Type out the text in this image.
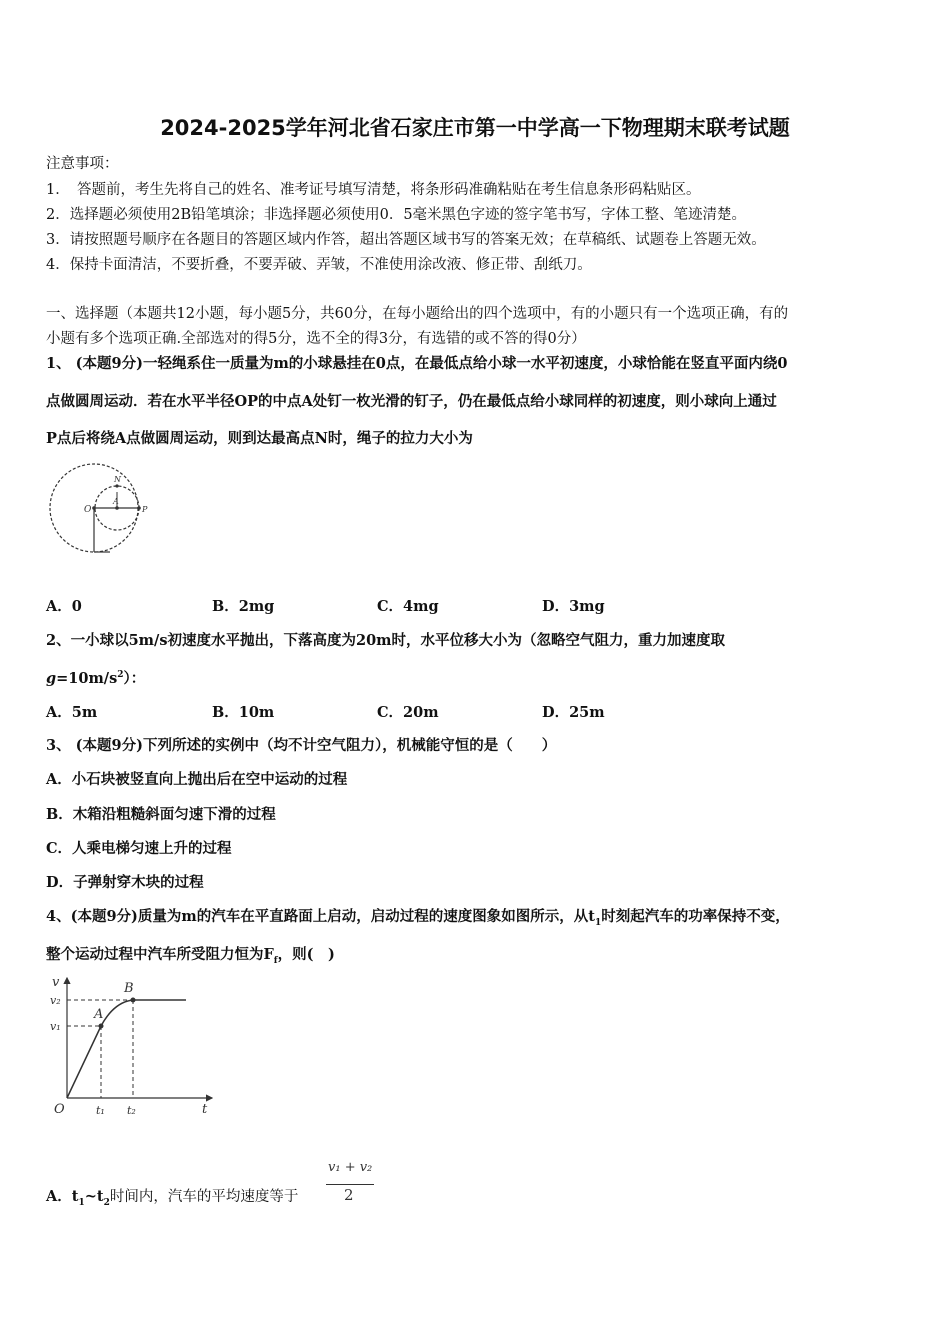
2024-2025学年河北省石家庄市第一中学高一下物理期末联考试题
注意事项：
1．　答题前，考生先将自己的姓名、准考证号填写清楚，将条形码准确粘贴在考生信息条形码粘贴区。
2．选择题必须使用2B铅笔填涂；非选择题必须使用0．5毫米黑色字迹的签字笔书写，字体工整、笔迹清楚。
3．请按照题号顺序在各题目的答题区域内作答，超出答题区域书写的答案无效；在草稿纸、试题卷上答题无效。
4．保持卡面清洁，不要折叠，不要弄破、弄皱，不准使用涂改液、修正带、刮纸刀。
一、选择题（本题共12小题，每小题5分，共60分，在每小题给出的四个选项中，有的小题只有一个选项正确，有的
小题有多个选项正确.全部选对的得5分，选不全的得3分，有选错的或不答的得0分）
1、 (本题9分)一轻绳系住一质量为m的小球悬挂在0点，在最低点给小球一水平初速度，小球恰能在竖直平面内绕0
点做圆周运动．若在水平半径OP的中点A处钉一枚光滑的钉子，仍在最低点给小球同样的初速度，则小球向上通过
P点后将绕A点做圆周运动，则到达最高点N时，绳子的拉力大小为
O
A
N
P
A．0	B．2mg	C．4mg	D．3mg
2、一小球以5m/s初速度水平抛出，下落高度为20m时，水平位移大小为（忽略空气阻力，重力加速度取
$g=10m/s^2$）：
A．5m	B．10m	C．20m	D．25m
3、 (本题9分)下列所述的实例中（均不计空气阻力），机械能守恒的是（　　）
A．小石块被竖直向上抛出后在空中运动的过程
B．木箱沿粗糙斜面匀速下滑的过程
C．人乘电梯匀速上升的过程
D．子弹射穿木块的过程
4、(本题9分)质量为m的汽车在平直路面上启动，启动过程的速度图象如图所示，从$t_1$时刻起汽车的功率保持不变，
整个运动过程中汽车所受阻力恒为$F_f$，则(　)
v
v₂
v₁
A
B
O	t₁ t₂	t
A．$t_1\sim t_2$时间内，汽车的平均速度等于
v₁ + v₂
2
